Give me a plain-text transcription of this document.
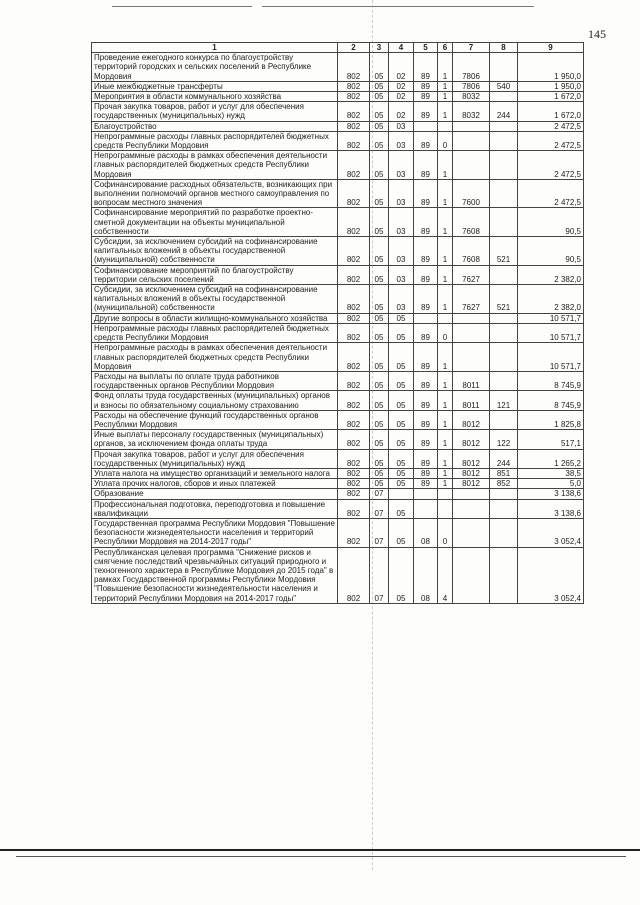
145
1	2	3	4	5	6	7	8	9
Проведение ежегодного конкурса по благоустройству территорий городских и сельских поселений в Республике Мордовия	802	05	02	89	1	7806		1 950,0
Иные межбюджетные трансферты	802	05	02	89	1	7806	540	1 950,0
Мероприятия в области коммунального хозяйства	802	05	02	89	1	8032		1 672,0
Прочая закупка товаров, работ и услуг для обеспечения государственных (муниципальных) нужд	802	05	02	89	1	8032	244	1 672,0
Благоустройство	802	05	03					2 472,5
Непрограммные расходы главных распорядителей бюджетных средств Республики Мордовия	802	05	03	89	0			2 472,5
Непрограммные расходы в рамках обеспечения деятельности главных распорядителей бюджетных средств Республики Мордовия	802	05	03	89	1			2 472,5
Софинансирование расходных обязательств, возникающих при выполнении полномочий органов местного самоуправления по вопросам местного значения	802	05	03	89	1	7600		2 472,5
Софинансирование мероприятий по разработке проектно-сметной документации на объекты муниципальной собственности	802	05	03	89	1	7608		90,5
Субсидии, за исключением субсидий на софинансирование капитальных вложений в объекты государственной (муниципальной) собственности	802	05	03	89	1	7608	521	90,5
Софинансирование мероприятий по благоустройству территории сельских поселений	802	05	03	89	1	7627		2 382,0
Субсидии, за исключением субсидий на софинансирование капитальных вложений в объекты государственной (муниципальной) собственности	802	05	03	89	1	7627	521	2 382,0
Другие вопросы в области жилищно-коммунального хозяйства	802	05	05					10 571,7
Непрограммные расходы главных распорядителей бюджетных средств Республики Мордовия	802	05	05	89	0			10 571,7
Непрограммные расходы в рамках обеспечения деятельности главных распорядителей бюджетных средств Республики Мордовия	802	05	05	89	1			10 571,7
Расходы на выплаты по оплате труда работников государственных органов Республики Мордовия	802	05	05	89	1	8011		8 745,9
Фонд оплаты труда государственных (муниципальных) органов и взносы по обязательному социальному страхованию	802	05	05	89	1	8011	121	8 745,9
Расходы на обеспечение функций государственных органов Республики Мордовия	802	05	05	89	1	8012		1 825,8
Иные выплаты персоналу государственных (муниципальных) органов, за исключением фонда оплаты труда	802	05	05	89	1	8012	122	517,1
Прочая закупка товаров, работ и услуг для обеспечения государственных (муниципальных) нужд	802	05	05	89	1	8012	244	1 265,2
Уплата налога на имущество организаций и земельного налога	802	05	05	89	1	8012	851	38,5
Уплата прочих налогов, сборов и иных платежей	802	05	05	89	1	8012	852	5,0
Образование	802	07						3 138,6
Профессиональная подготовка, переподготовка и повышение квалификации	802	07	05					3 138,6
Государственная программа Республики Мордовия "Повышение безопасности жизнедеятельности населения и территорий Республики Мордовия на 2014-2017 годы"	802	07	05	08	0			3 052,4
Республиканская целевая программа "Снижение рисков и смягчение последствий чрезвычайных ситуаций природного и техногенного характера в Республике Мордовия до 2015 года" в рамках Государственной программы Республики Мордовия "Повышение безопасности жизнедеятельности населения и территорий Республики Мордовия на 2014-2017 годы"	802	07	05	08	4			3 052,4
